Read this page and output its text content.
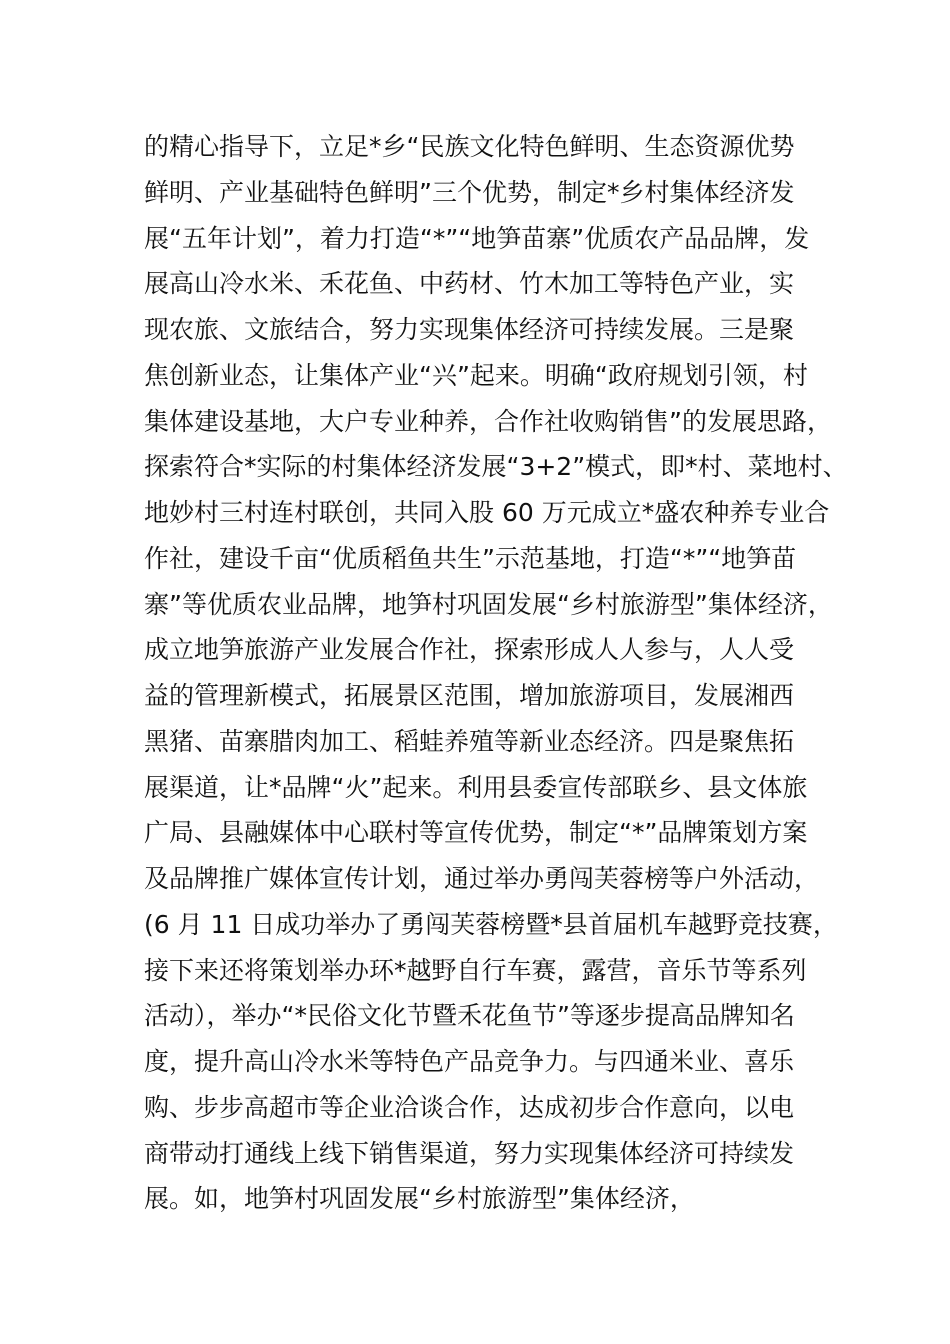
的精心指导下，立足*乡“民族文化特色鲜明、生态资源优势
鲜明、产业基础特色鲜明”三个优势，制定*乡村集体经济发
展“五年计划”，着力打造“*”“地笋苗寨”优质农产品品牌，发
展高山冷水米、禾花鱼、中药材、竹木加工等特色产业，实
现农旅、文旅结合，努力实现集体经济可持续发展。三是聚
焦创新业态，让集体产业“兴”起来。明确“政府规划引领，村
集体建设基地，大户专业种养，合作社收购销售”的发展思路，
探索符合*实际的村集体经济发展“3+2”模式，即*村、菜地村、
地妙村三村连村联创，共同入股 60 万元成立*盛农种养专业合
作社，建设千亩“优质稻鱼共生”示范基地，打造“*”“地笋苗
寨”等优质农业品牌，地笋村巩固发展“乡村旅游型”集体经济，
成立地笋旅游产业发展合作社，探索形成人人参与，人人受
益的管理新模式，拓展景区范围，增加旅游项目，发展湘西
黑猪、苗寨腊肉加工、稻蛙养殖等新业态经济。四是聚焦拓
展渠道，让*品牌“火”起来。利用县委宣传部联乡、县文体旅
广局、县融媒体中心联村等宣传优势，制定“*”品牌策划方案
及品牌推广媒体宣传计划，通过举办勇闯芙蓉榜等户外活动，
(6 月 11 日成功举办了勇闯芙蓉榜暨*县首届机车越野竞技赛，
接下来还将策划举办环*越野自行车赛，露营，音乐节等系列
活动），举办“*民俗文化节暨禾花鱼节”等逐步提高品牌知名
度，提升高山冷水米等特色产品竞争力。与四通米业、喜乐
购、步步高超市等企业洽谈合作，达成初步合作意向，以电
商带动打通线上线下销售渠道，努力实现集体经济可持续发
展。如，地笋村巩固发展“乡村旅游型”集体经济，
